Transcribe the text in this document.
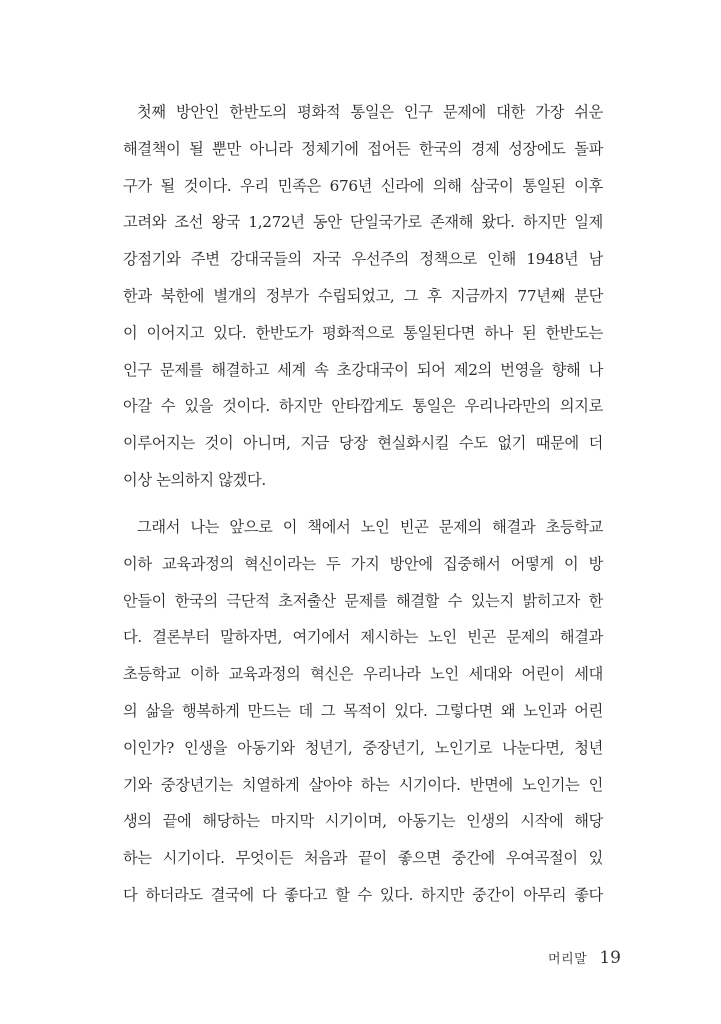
첫째 방안인 한반도의 평화적 통일은 인구 문제에 대한 가장 쉬운
해결책이 될 뿐만 아니라 정체기에 접어든 한국의 경제 성장에도 돌파
구가 될 것이다. 우리 민족은 676년 신라에 의해 삼국이 통일된 이후
고려와 조선 왕국 1,272년 동안 단일국가로 존재해 왔다. 하지만 일제
강점기와 주변 강대국들의 자국 우선주의 정책으로 인해 1948년 남
한과 북한에 별개의 정부가 수립되었고, 그 후 지금까지 77년째 분단
이 이어지고 있다. 한반도가 평화적으로 통일된다면 하나 된 한반도는
인구 문제를 해결하고 세계 속 초강대국이 되어 제2의 번영을 향해 나
아갈 수 있을 것이다. 하지만 안타깝게도 통일은 우리나라만의 의지로
이루어지는 것이 아니며, 지금 당장 현실화시킬 수도 없기 때문에 더
이상 논의하지 않겠다.
그래서 나는 앞으로 이 책에서 노인 빈곤 문제의 해결과 초등학교
이하 교육과정의 혁신이라는 두 가지 방안에 집중해서 어떻게 이 방
안들이 한국의 극단적 초저출산 문제를 해결할 수 있는지 밝히고자 한
다. 결론부터 말하자면, 여기에서 제시하는 노인 빈곤 문제의 해결과
초등학교 이하 교육과정의 혁신은 우리나라 노인 세대와 어린이 세대
의 삶을 행복하게 만드는 데 그 목적이 있다. 그렇다면 왜 노인과 어린
이인가? 인생을 아동기와 청년기, 중장년기, 노인기로 나눈다면, 청년
기와 중장년기는 치열하게 살아야 하는 시기이다. 반면에 노인기는 인
생의 끝에 해당하는 마지막 시기이며, 아동기는 인생의 시작에 해당
하는 시기이다. 무엇이든 처음과 끝이 좋으면 중간에 우여곡절이 있
다 하더라도 결국에 다 좋다고 할 수 있다. 하지만 중간이 아무리 좋다
머리말 19
